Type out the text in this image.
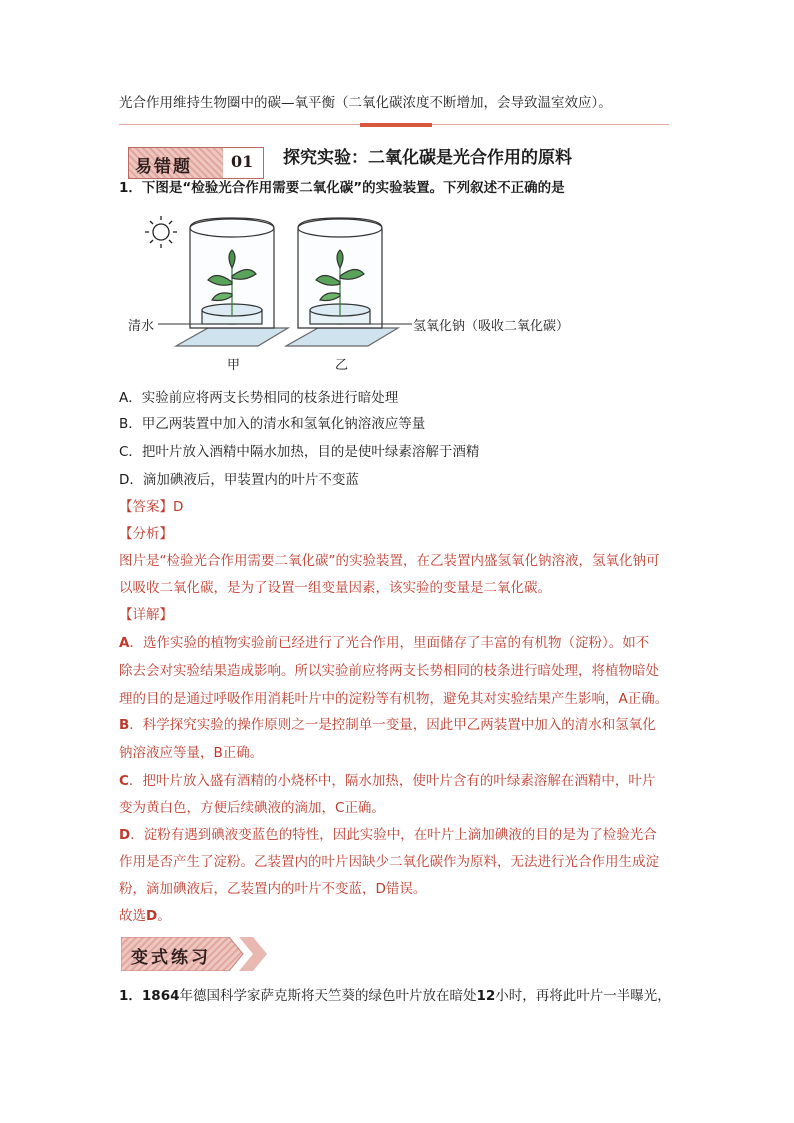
光合作用维持生物圈中的碳—氧平衡（二氧化碳浓度不断增加，会导致温室效应）。
易错题 01 探究实验：二氧化碳是光合作用的原料
1．下图是“检验光合作用需要二氧化碳”的实验装置。下列叙述不正确的是
清水	氢氧化钠（吸收二氧化碳）
甲	乙
A．实验前应将两支长势相同的枝条进行暗处理
B．甲乙两装置中加入的清水和氢氧化钠溶液应等量
C．把叶片放入酒精中隔水加热，目的是使叶绿素溶解于酒精
D．滴加碘液后，甲装置内的叶片不变蓝
【答案】D
【分析】
图片是“检验光合作用需要二氧化碳”的实验装置，在乙装置内盛氢氧化钠溶液，氢氧化钠可
以吸收二氧化碳，是为了设置一组变量因素，该实验的变量是二氧化碳。
【详解】
A．选作实验的植物实验前已经进行了光合作用，里面储存了丰富的有机物（淀粉）。如不
除去会对实验结果造成影响。所以实验前应将两支长势相同的枝条进行暗处理，将植物暗处
理的目的是通过呼吸作用消耗叶片中的淀粉等有机物，避免其对实验结果产生影响，A正确。
B．科学探究实验的操作原则之一是控制单一变量，因此甲乙两装置中加入的清水和氢氧化
钠溶液应等量，B正确。
C．把叶片放入盛有酒精的小烧杯中，隔水加热，使叶片含有的叶绿素溶解在酒精中，叶片
变为黄白色，方便后续碘液的滴加，C正确。
D．淀粉有遇到碘液变蓝色的特性，因此实验中，在叶片上滴加碘液的目的是为了检验光合
作用是否产生了淀粉。乙装置内的叶片因缺少二氧化碳作为原料，无法进行光合作用生成淀
粉，滴加碘液后，乙装置内的叶片不变蓝，D错误。
故选D。
变式练习
1．1864年德国科学家萨克斯将天竺葵的绿色叶片放在暗处12小时，再将此叶片一半曝光，
